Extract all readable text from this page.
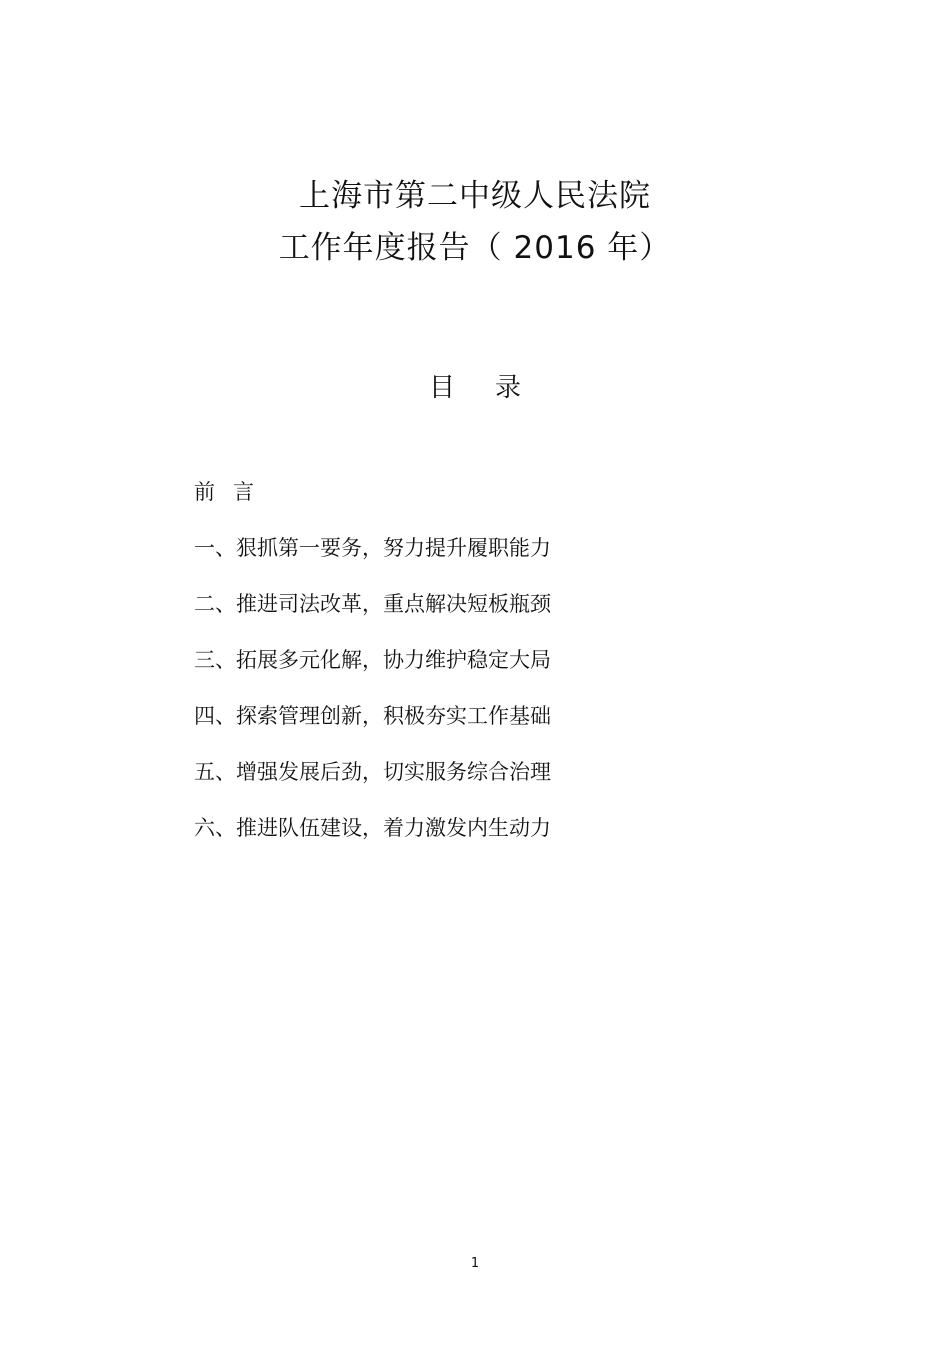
上海市第二中级人民法院
工作年度报告（ 2016 年）
目录
前言
一、狠抓第一要务，努力提升履职能力
二、推进司法改革，重点解决短板瓶颈
三、拓展多元化解，协力维护稳定大局
四、探索管理创新，积极夯实工作基础
五、增强发展后劲，切实服务综合治理
六、推进队伍建设，着力激发内生动力
1
